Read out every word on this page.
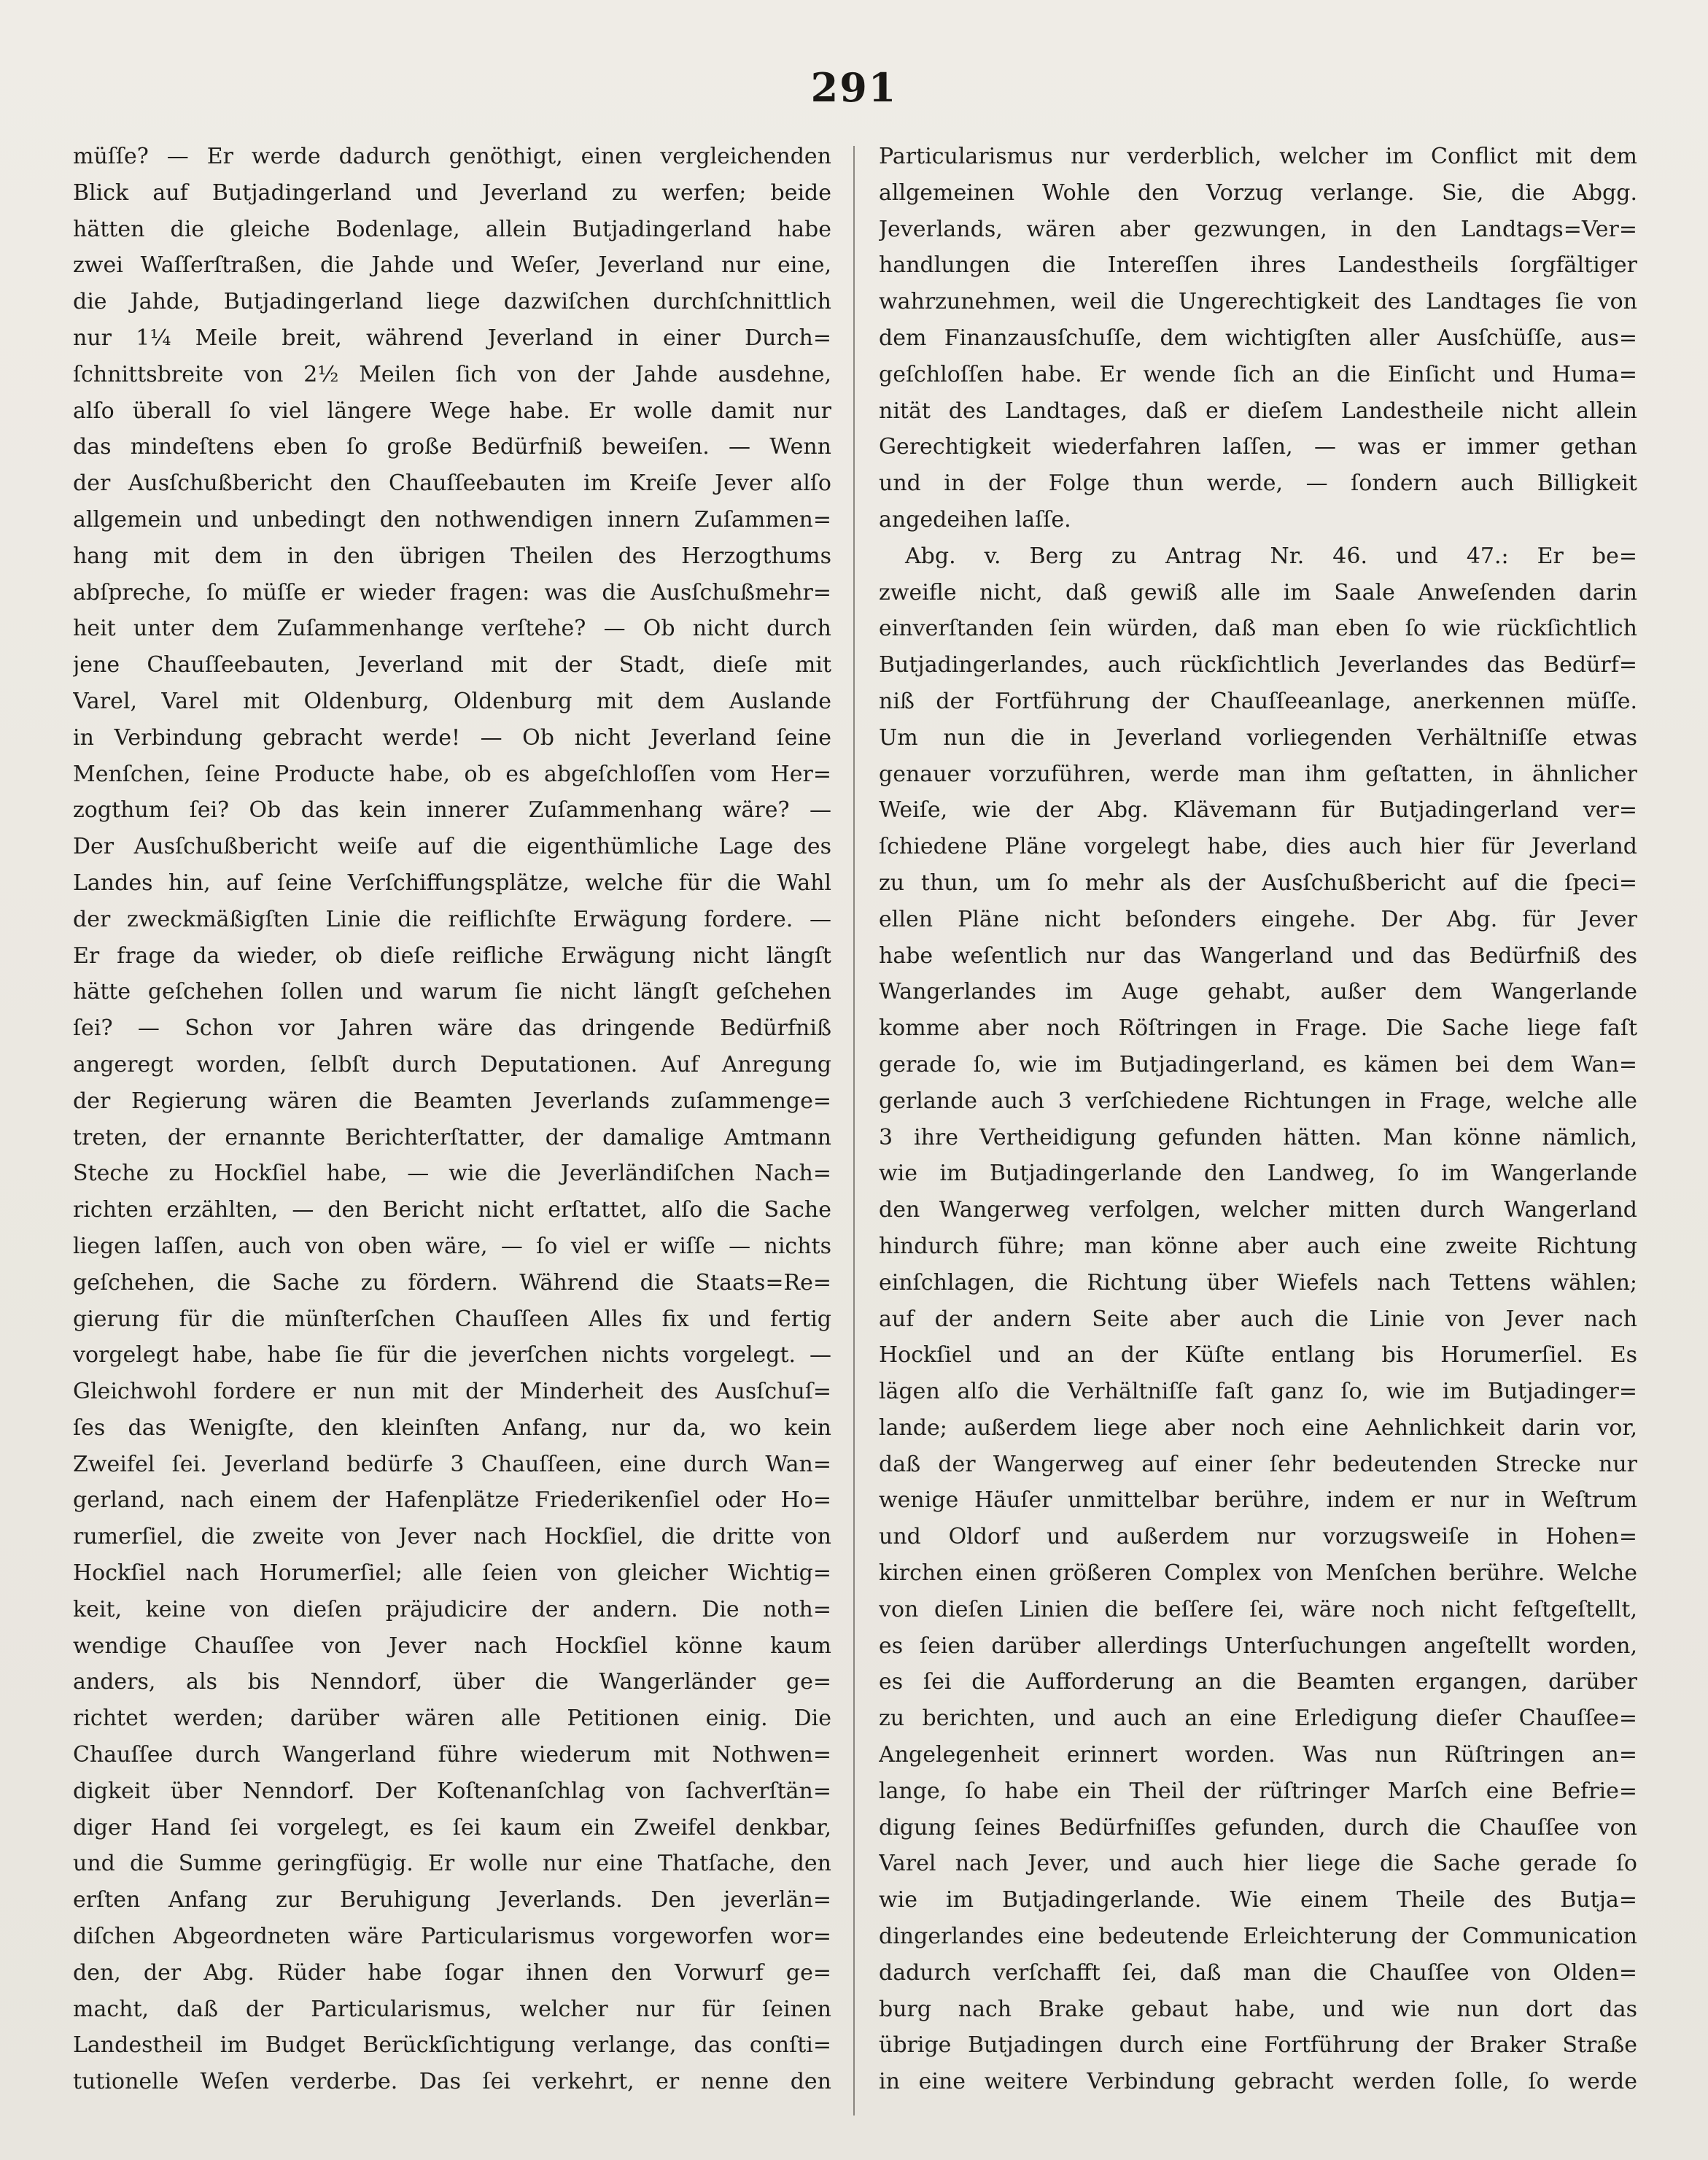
291
müſſe? — Er werde dadurch genöthigt, einen vergleichenden
Blick auf Butjadingerland und Jeverland zu werfen; beide
hätten die gleiche Bodenlage, allein Butjadingerland habe
zwei Waſſerſtraßen, die Jahde und Weſer, Jeverland nur eine,
die Jahde, Butjadingerland liege dazwiſchen durchſchnittlich
nur 1¼ Meile breit, während Jeverland in einer Durch=
ſchnittsbreite von 2½ Meilen ſich von der Jahde ausdehne,
alſo überall ſo viel längere Wege habe. Er wolle damit nur
das mindeſtens eben ſo große Bedürfniß beweiſen. — Wenn
der Ausſchußbericht den Chauſſeebauten im Kreiſe Jever alſo
allgemein und unbedingt den nothwendigen innern Zuſammen=
hang mit dem in den übrigen Theilen des Herzogthums
abſpreche, ſo müſſe er wieder fragen: was die Ausſchußmehr=
heit unter dem Zuſammenhange verſtehe? — Ob nicht durch
jene Chauſſeebauten, Jeverland mit der Stadt, dieſe mit
Varel, Varel mit Oldenburg, Oldenburg mit dem Auslande
in Verbindung gebracht werde! — Ob nicht Jeverland ſeine
Menſchen, ſeine Producte habe, ob es abgeſchloſſen vom Her=
zogthum ſei? Ob das kein innerer Zuſammenhang wäre? —
Der Ausſchußbericht weiſe auf die eigenthümliche Lage des
Landes hin, auf ſeine Verſchiffungsplätze, welche für die Wahl
der zweckmäßigſten Linie die reiflichſte Erwägung fordere. —
Er frage da wieder, ob dieſe reifliche Erwägung nicht längſt
hätte geſchehen ſollen und warum ſie nicht längſt geſchehen
ſei? — Schon vor Jahren wäre das dringende Bedürfniß
angeregt worden, ſelbſt durch Deputationen. Auf Anregung
der Regierung wären die Beamten Jeverlands zuſammenge=
treten, der ernannte Berichterſtatter, der damalige Amtmann
Steche zu Hockſiel habe, — wie die Jeverländiſchen Nach=
richten erzählten, — den Bericht nicht erſtattet, alſo die Sache
liegen laſſen, auch von oben wäre, — ſo viel er wiſſe — nichts
geſchehen, die Sache zu fördern. Während die Staats=Re=
gierung für die münſterſchen Chauſſeen Alles fix und fertig
vorgelegt habe, habe ſie für die jeverſchen nichts vorgelegt. —
Gleichwohl fordere er nun mit der Minderheit des Ausſchuſ=
ſes das Wenigſte, den kleinſten Anfang, nur da, wo kein
Zweifel ſei. Jeverland bedürfe 3 Chauſſeen, eine durch Wan=
gerland, nach einem der Hafenplätze Friederikenſiel oder Ho=
rumerſiel, die zweite von Jever nach Hockſiel, die dritte von
Hockſiel nach Horumerſiel; alle ſeien von gleicher Wichtig=
keit, keine von dieſen präjudicire der andern. Die noth=
wendige Chauſſee von Jever nach Hockſiel könne kaum
anders, als bis Nenndorf, über die Wangerländer ge=
richtet werden; darüber wären alle Petitionen einig. Die
Chauſſee durch Wangerland führe wiederum mit Nothwen=
digkeit über Nenndorf. Der Koſtenanſchlag von ſachverſtän=
diger Hand ſei vorgelegt, es ſei kaum ein Zweifel denkbar,
und die Summe geringfügig. Er wolle nur eine Thatſache, den
erſten Anfang zur Beruhigung Jeverlands. Den jeverlän=
diſchen Abgeordneten wäre Particularismus vorgeworfen wor=
den, der Abg. Rüder habe ſogar ihnen den Vorwurf ge=
macht, daß der Particularismus, welcher nur für ſeinen
Landestheil im Budget Berückſichtigung verlange, das conſti=
tutionelle Weſen verderbe. Das ſei verkehrt, er nenne den
Particularismus nur verderblich, welcher im Conflict mit dem
allgemeinen Wohle den Vorzug verlange. Sie, die Abgg.
Jeverlands, wären aber gezwungen, in den Landtags=Ver=
handlungen die Intereſſen ihres Landestheils ſorgfältiger
wahrzunehmen, weil die Ungerechtigkeit des Landtages ſie von
dem Finanzausſchuſſe, dem wichtigſten aller Ausſchüſſe, aus=
geſchloſſen habe. Er wende ſich an die Einſicht und Huma=
nität des Landtages, daß er dieſem Landestheile nicht allein
Gerechtigkeit wiederfahren laſſen, — was er immer gethan
und in der Folge thun werde, — ſondern auch Billigkeit
angedeihen laſſe.
Abg. v. Berg zu Antrag Nr. 46. und 47.: Er be=
zweifle nicht, daß gewiß alle im Saale Anweſenden darin
einverſtanden ſein würden, daß man eben ſo wie rückſichtlich
Butjadingerlandes, auch rückſichtlich Jeverlandes das Bedürf=
niß der Fortführung der Chauſſeeanlage, anerkennen müſſe.
Um nun die in Jeverland vorliegenden Verhältniſſe etwas
genauer vorzuführen, werde man ihm geſtatten, in ähnlicher
Weiſe, wie der Abg. Klävemann für Butjadingerland ver=
ſchiedene Pläne vorgelegt habe, dies auch hier für Jeverland
zu thun, um ſo mehr als der Ausſchußbericht auf die ſpeci=
ellen Pläne nicht beſonders eingehe. Der Abg. für Jever
habe weſentlich nur das Wangerland und das Bedürfniß des
Wangerlandes im Auge gehabt, außer dem Wangerlande
komme aber noch Röſtringen in Frage. Die Sache liege faſt
gerade ſo, wie im Butjadingerland, es kämen bei dem Wan=
gerlande auch 3 verſchiedene Richtungen in Frage, welche alle
3 ihre Vertheidigung gefunden hätten. Man könne nämlich,
wie im Butjadingerlande den Landweg, ſo im Wangerlande
den Wangerweg verfolgen, welcher mitten durch Wangerland
hindurch führe; man könne aber auch eine zweite Richtung
einſchlagen, die Richtung über Wiefels nach Tettens wählen;
auf der andern Seite aber auch die Linie von Jever nach
Hockſiel und an der Küſte entlang bis Horumerſiel. Es
lägen alſo die Verhältniſſe faſt ganz ſo, wie im Butjadinger=
lande; außerdem liege aber noch eine Aehnlichkeit darin vor,
daß der Wangerweg auf einer ſehr bedeutenden Strecke nur
wenige Häuſer unmittelbar berühre, indem er nur in Weſtrum
und Oldorf und außerdem nur vorzugsweiſe in Hohen=
kirchen einen größeren Complex von Menſchen berühre. Welche
von dieſen Linien die beſſere ſei, wäre noch nicht feſtgeſtellt,
es ſeien darüber allerdings Unterſuchungen angeſtellt worden,
es ſei die Aufforderung an die Beamten ergangen, darüber
zu berichten, und auch an eine Erledigung dieſer Chauſſee=
Angelegenheit erinnert worden. Was nun Rüſtringen an=
lange, ſo habe ein Theil der rüſtringer Marſch eine Befrie=
digung ſeines Bedürfniſſes gefunden, durch die Chauſſee von
Varel nach Jever, und auch hier liege die Sache gerade ſo
wie im Butjadingerlande. Wie einem Theile des Butja=
dingerlandes eine bedeutende Erleichterung der Communication
dadurch verſchafft ſei, daß man die Chauſſee von Olden=
burg nach Brake gebaut habe, und wie nun dort das
übrige Butjadingen durch eine Fortführung der Braker Straße
in eine weitere Verbindung gebracht werden ſolle, ſo werde
